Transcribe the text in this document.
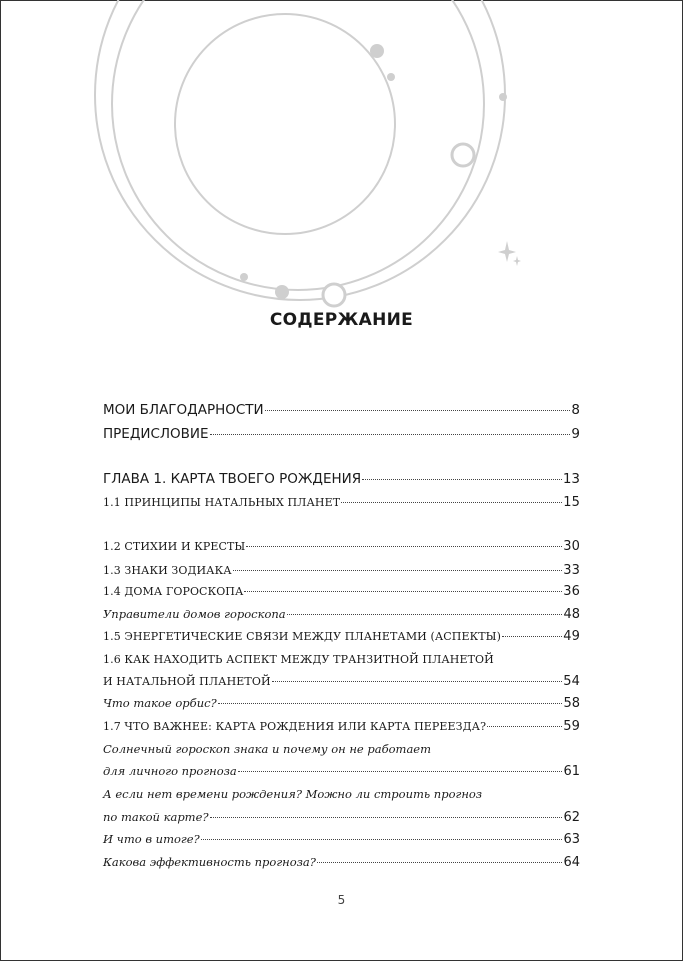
СОДЕРЖАНИЕ
МОИ БЛАГОДАРНОСТИ	8
ПРЕДИСЛОВИЕ	9
ГЛАВА 1. КАРТА ТВОЕГО РОЖДЕНИЯ	13
1.1 ПРИНЦИПЫ НАТАЛЬНЫХ ПЛАНЕТ	15
1.2 СТИХИИ И КРЕСТЫ	30
1.3 ЗНАКИ ЗОДИАКА	33
1.4 ДОМА ГОРОСКОПА	36
Управители домов гороскопа	48
1.5 ЭНЕРГЕТИЧЕСКИЕ СВЯЗИ МЕЖДУ ПЛАНЕТАМИ (АСПЕКТЫ)	49
1.6 КАК НАХОДИТЬ АСПЕКТ МЕЖДУ ТРАНЗИТНОЙ ПЛАНЕТОЙ
И НАТАЛЬНОЙ ПЛАНЕТОЙ	54
Что такое орбис?	58
1.7 ЧТО ВАЖНЕЕ: КАРТА РОЖДЕНИЯ ИЛИ КАРТА ПЕРЕЕЗДА?	59
Солнечный гороскоп знака и почему он не работает
для личного прогноза	61
А если нет времени рождения? Можно ли строить прогноз
по такой карте?	62
И что в итоге?	63
Какова эффективность прогноза?	64
5
